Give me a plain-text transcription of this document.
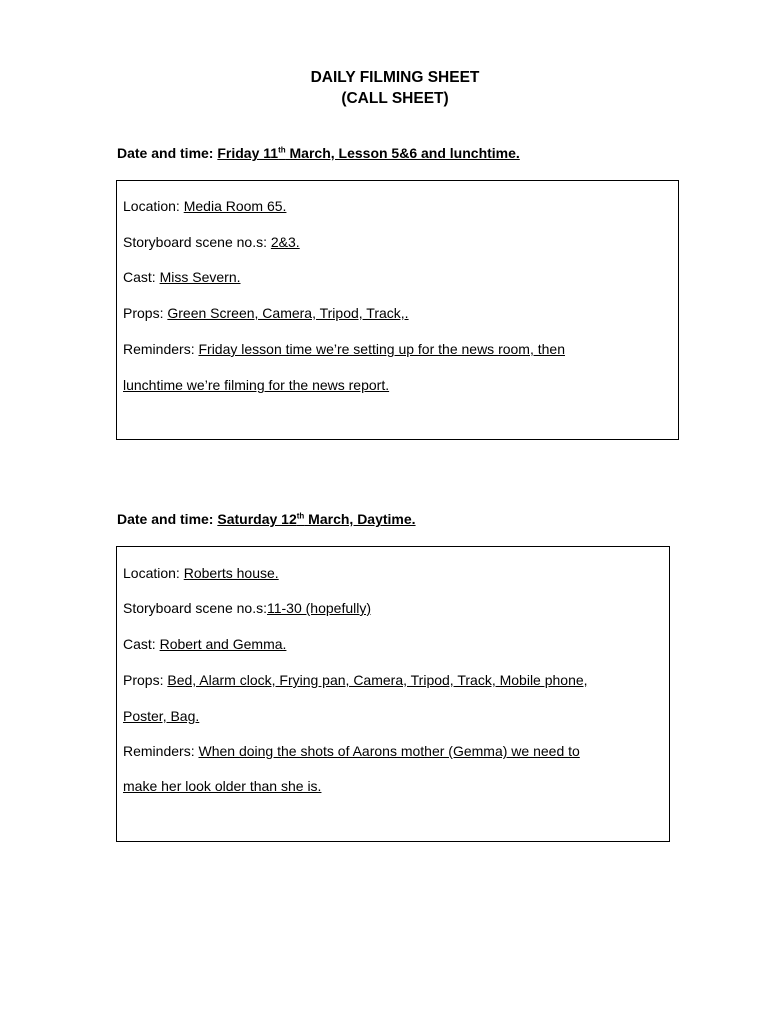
DAILY FILMING SHEET
(CALL SHEET)
Date and time: Friday 11th March, Lesson 5&6 and lunchtime.
Location: Media Room 65.
Storyboard scene no.s: 2&3.
Cast: Miss Severn.
Props: Green Screen, Camera, Tripod, Track,.
Reminders: Friday lesson time we’re setting up for the news room, then
lunchtime we’re filming for the news report.
Date and time: Saturday 12th March, Daytime.
Location: Roberts house.
Storyboard scene no.s:11-30 (hopefully)
Cast: Robert and Gemma.
Props: Bed, Alarm clock, Frying pan, Camera, Tripod, Track, Mobile phone,
Poster, Bag.
Reminders: When doing the shots of Aarons mother (Gemma) we need to
make her look older than she is.
